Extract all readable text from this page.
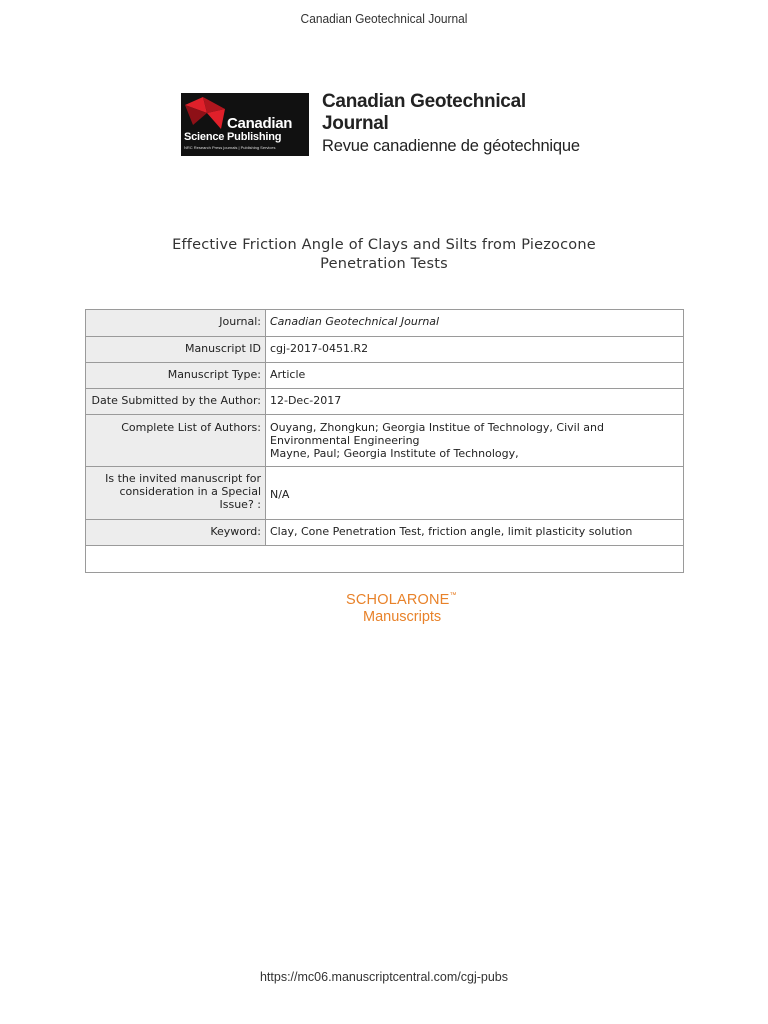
Canadian Geotechnical Journal
Canadian
Science Publishing
NRC Research Press journals | Publishing Services
Canadian Geotechnical Journal
Revue canadienne de géotechnique
Effective Friction Angle of Clays and Silts from Piezocone
Penetration Tests
Journal:	Canadian Geotechnical Journal
Manuscript ID	cgj-2017-0451.R2
Manuscript Type:	Article
Date Submitted by the Author:	12-Dec-2017
Complete List of Authors:	Ouyang, Zhongkun; Georgia Institue of Technology, Civil and
Environmental Engineering
Mayne, Paul; Georgia Institute of Technology,

Is the invited manuscript for
consideration in a Special
Issue? :	N/A
Keyword:	Clay, Cone Penetration Test, friction angle, limit plasticity solution

SCHOLARONE™
Manuscripts
https://mc06.manuscriptcentral.com/cgj-pubs
